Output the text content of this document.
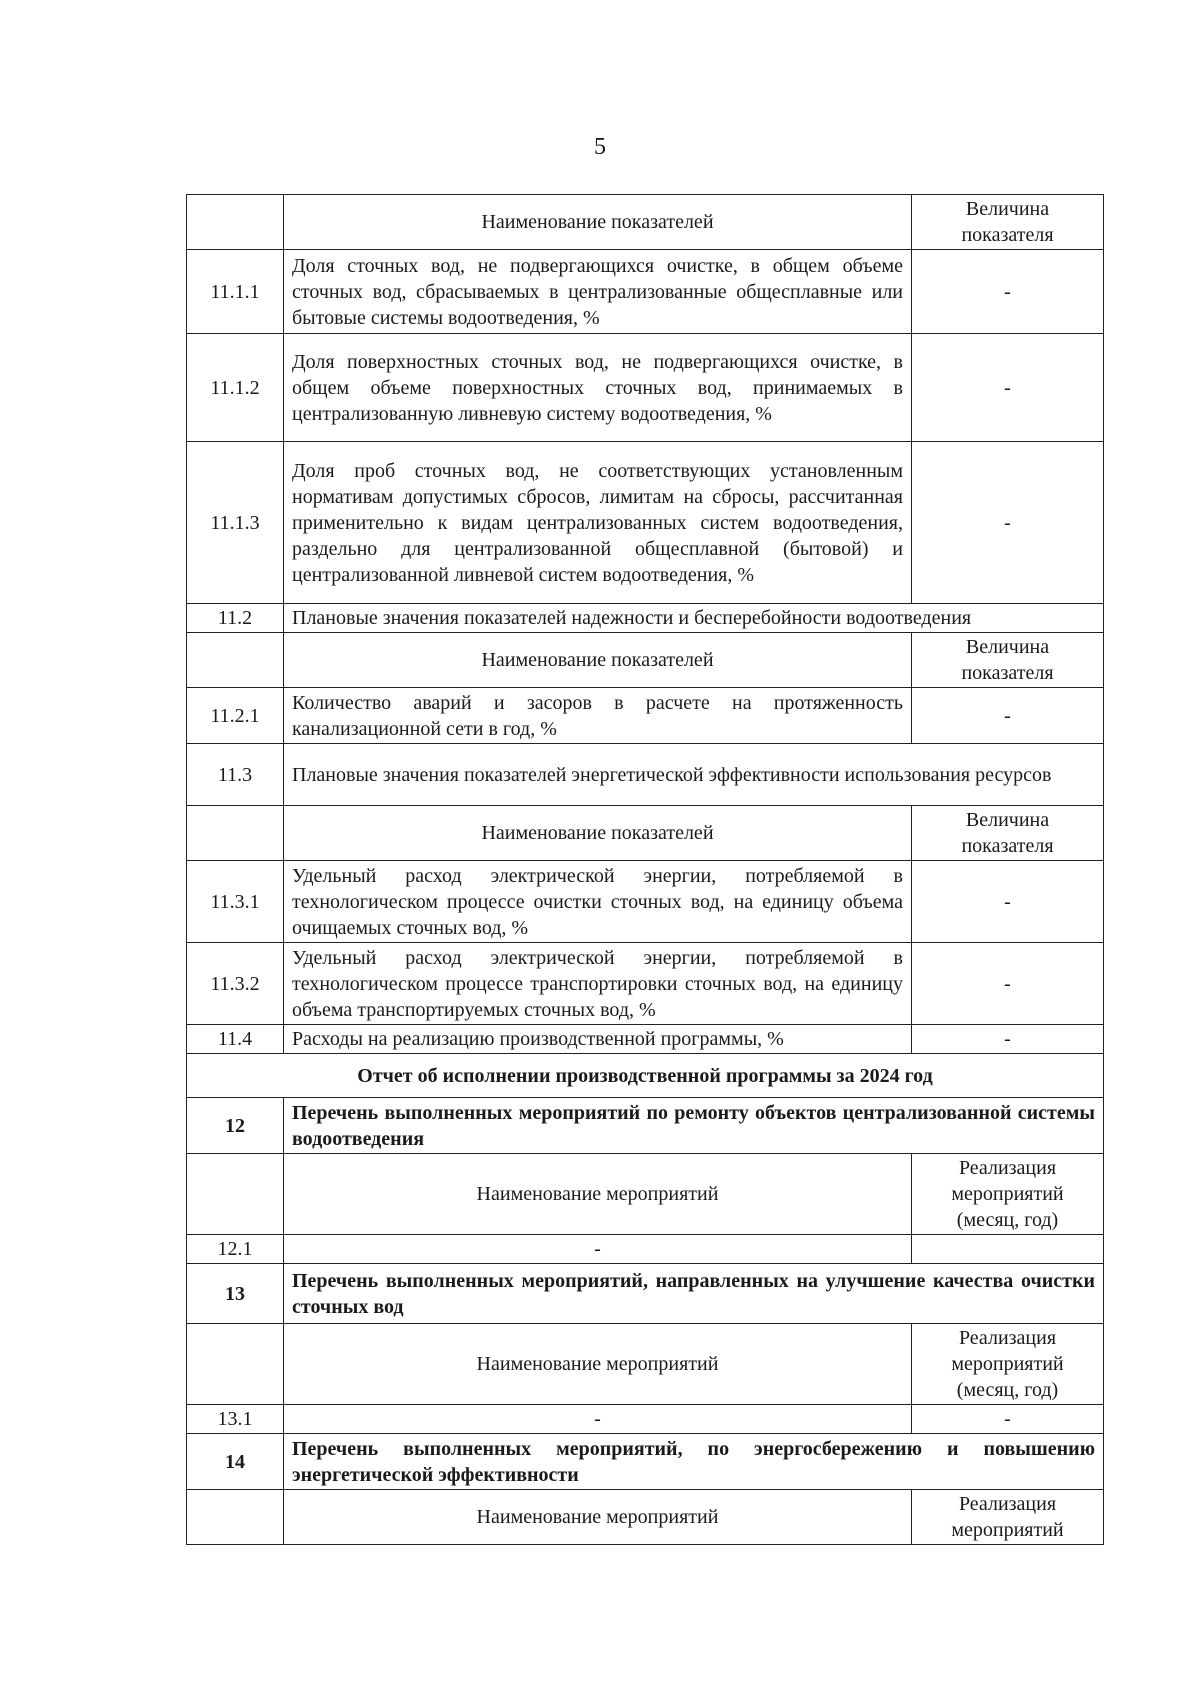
5
	Наименование показателей	Величина показателя
11.1.1	Доля сточных вод, не подвергающихся очистке, в общем объеме сточных вод, сбрасываемых в централизованные общесплавные или бытовые системы водоотведения, %	-
11.1.2	Доля поверхностных сточных вод, не подвергающихся очистке, в общем объеме поверхностных сточных вод, принимаемых в централизованную ливневую систему водоотведения, %	-
11.1.3	Доля проб сточных вод, не соответствующих установленным нормативам допустимых сбросов, лимитам на сбросы, рассчитанная применительно к видам централизованных систем водоотведения, раздельно для централизованной общесплавной (бытовой) и централизованной ливневой систем водоотведения, %	-
11.2	Плановые значения показателей надежности и бесперебойности водоотведения	
	Наименование показателей	Величина показателя
11.2.1	Количество аварий и засоров в расчете на протяженность канализационной сети в год, %	-
11.3	Плановые значения показателей энергетической эффективности использования ресурсов	
	Наименование показателей	Величина показателя
11.3.1	Удельный расход электрической энергии, потребляемой в технологическом процессе очистки сточных вод, на единицу объема очищаемых сточных вод, %	-
11.3.2	Удельный расход электрической энергии, потребляемой в технологическом процессе транспортировки сточных вод, на единицу объема транспортируемых сточных вод, %	-
11.4	Расходы на реализацию производственной программы, %	-
Отчет об исполнении производственной программы за 2024 год		
12	Перечень выполненных мероприятий по ремонту объектов централизованной системы водоотведения	
	Наименование мероприятий	Реализация мероприятий (месяц, год)
12.1	-	
13	Перечень выполненных мероприятий, направленных на улучшение качества очистки сточных вод	
	Наименование мероприятий	Реализация мероприятий (месяц, год)
13.1	-	-
14	Перечень выполненных мероприятий, по энергосбережению и повышению энергетической эффективности	
	Наименование мероприятий	Реализация мероприятий
